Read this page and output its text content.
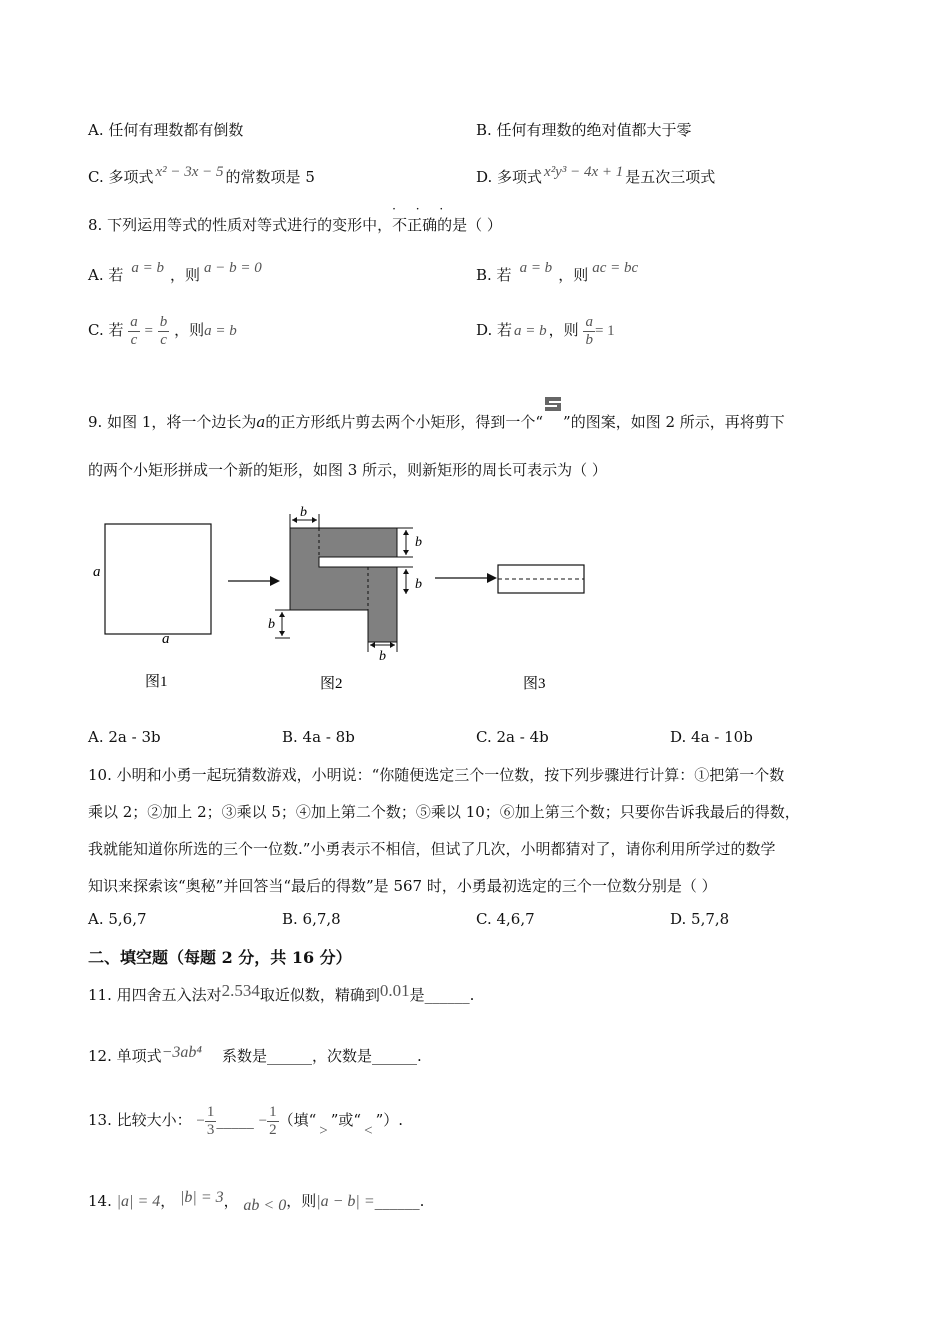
A. 任何有理数都有倒数	B. 任何有理数的绝对值都大于零
C. 多项式 x² − 3x − 5 的常数项是 5	D. 多项式 x²y³ − 4x + 1 是五次三项式
8. 下列运用等式的性质对等式进行的变形中，不正确
· · ·
的是（ ）
A. 若 a = b ，则 a − b = 0	B. 若 a = b ，则 ac = bc
C. 若 $\frac{a}{c} = \frac{b}{c}$ ，则a = b	D. 若 a = b ，则 $\frac{a}{b} = 1$
9. 如图 1，将一个边长为a的正方形纸片剪去两个小矩形，得到一个“ ”的图案，如图 2 所示，再将剪下
的两个小矩形拼成一个新的矩形，如图 3 所示，则新矩形的周长可表示为（ ）
a
a
b
b
b
b
b
图1	图2	图3
A. 2a - 3b	B. 4a - 8b	C. 2a - 4b	D. 4a - 10b
10. 小明和小勇一起玩猜数游戏，小明说：“你随便选定三个一位数，按下列步骤进行计算：①把第一个数
乘以 2；②加上 2；③乘以 5；④加上第二个数；⑤乘以 10；⑥加上第三个数；只要你告诉我最后的得数，
我就能知道你所选的三个一位数.”小勇表示不相信，但试了几次，小明都猜对了，请你利用所学过的数学
知识来探索该“奥秘”并回答当“最后的得数”是 567 时，小勇最初选定的三个一位数分别是（ ）
A. 5,6,7	B. 6,7,8	C. 4,6,7	D. 5,7,8
二、填空题（每题 2 分，共 16 分）
11. 用四舍五入法对2.534取近似数，精确到0.01是______.
12. 单项式−3ab⁴ 系数是______，次数是______.
13. 比较大小： − $\frac{1}{3}$ _____ − $\frac{1}{2}$ （填“>”或“<”）.
14. |a| = 4， |b| = 3， ab < 0，则|a − b| =______.
